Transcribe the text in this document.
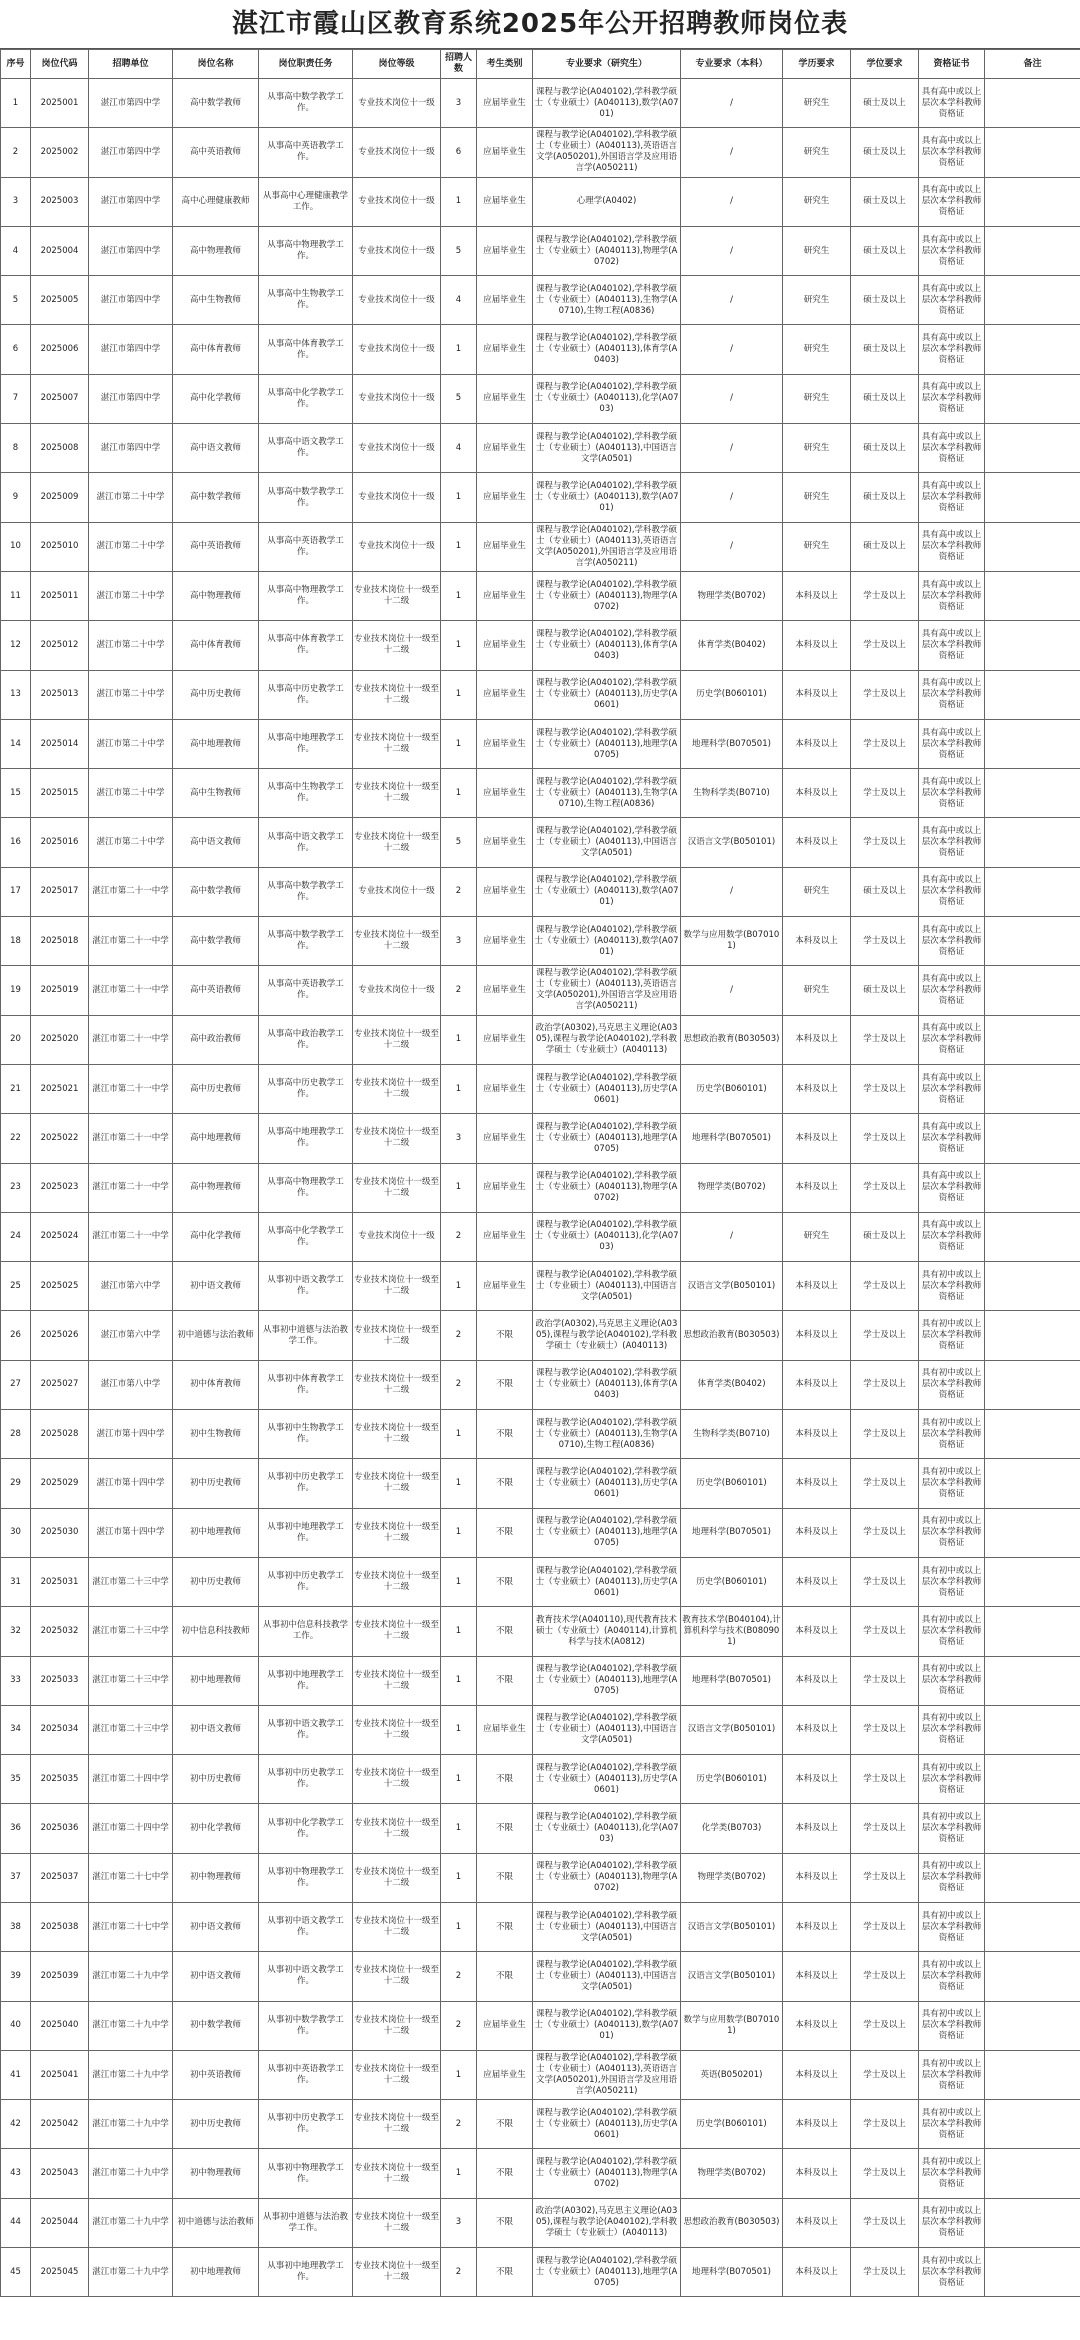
湛江市霞山区教育系统2025年公开招聘教师岗位表
序号	岗位代码	招聘单位	岗位名称	岗位职责任务	岗位等级	招聘人数	考生类别	专业要求（研究生）	专业要求（本科）	学历要求	学位要求	资格证书	备注
1	2025001	湛江市第四中学	高中数学教师	从事高中数学教学工作。	专业技术岗位十一级	3	应届毕业生	课程与教学论(A040102),学科教学硕士（专业硕士）(A040113),数学(A0701)	/	研究生	硕士及以上	具有高中或以上层次本学科教师资格证	
2	2025002	湛江市第四中学	高中英语教师	从事高中英语教学工作。	专业技术岗位十一级	6	应届毕业生	课程与教学论(A040102),学科教学硕士（专业硕士）(A040113),英语语言文学(A050201),外国语言学及应用语言学(A050211)	/	研究生	硕士及以上	具有高中或以上层次本学科教师资格证	
3	2025003	湛江市第四中学	高中心理健康教师	从事高中心理健康教学工作。	专业技术岗位十一级	1	应届毕业生	心理学(A0402)	/	研究生	硕士及以上	具有高中或以上层次本学科教师资格证	
4	2025004	湛江市第四中学	高中物理教师	从事高中物理教学工作。	专业技术岗位十一级	5	应届毕业生	课程与教学论(A040102),学科教学硕士（专业硕士）(A040113),物理学(A0702)	/	研究生	硕士及以上	具有高中或以上层次本学科教师资格证	
5	2025005	湛江市第四中学	高中生物教师	从事高中生物教学工作。	专业技术岗位十一级	4	应届毕业生	课程与教学论(A040102),学科教学硕士（专业硕士）(A040113),生物学(A0710),生物工程(A0836)	/	研究生	硕士及以上	具有高中或以上层次本学科教师资格证	
6	2025006	湛江市第四中学	高中体育教师	从事高中体育教学工作。	专业技术岗位十一级	1	应届毕业生	课程与教学论(A040102),学科教学硕士（专业硕士）(A040113),体育学(A0403)	/	研究生	硕士及以上	具有高中或以上层次本学科教师资格证	
7	2025007	湛江市第四中学	高中化学教师	从事高中化学教学工作。	专业技术岗位十一级	5	应届毕业生	课程与教学论(A040102),学科教学硕士（专业硕士）(A040113),化学(A0703)	/	研究生	硕士及以上	具有高中或以上层次本学科教师资格证	
8	2025008	湛江市第四中学	高中语文教师	从事高中语文教学工作。	专业技术岗位十一级	4	应届毕业生	课程与教学论(A040102),学科教学硕士（专业硕士）(A040113),中国语言文学(A0501)	/	研究生	硕士及以上	具有高中或以上层次本学科教师资格证	
9	2025009	湛江市第二十中学	高中数学教师	从事高中数学教学工作。	专业技术岗位十一级	1	应届毕业生	课程与教学论(A040102),学科教学硕士（专业硕士）(A040113),数学(A0701)	/	研究生	硕士及以上	具有高中或以上层次本学科教师资格证	
10	2025010	湛江市第二十中学	高中英语教师	从事高中英语教学工作。	专业技术岗位十一级	1	应届毕业生	课程与教学论(A040102),学科教学硕士（专业硕士）(A040113),英语语言文学(A050201),外国语言学及应用语言学(A050211)	/	研究生	硕士及以上	具有高中或以上层次本学科教师资格证	
11	2025011	湛江市第二十中学	高中物理教师	从事高中物理教学工作。	专业技术岗位十一级至十二级	1	应届毕业生	课程与教学论(A040102),学科教学硕士（专业硕士）(A040113),物理学(A0702)	物理学类(B0702)	本科及以上	学士及以上	具有高中或以上层次本学科教师资格证	
12	2025012	湛江市第二十中学	高中体育教师	从事高中体育教学工作。	专业技术岗位十一级至十二级	1	应届毕业生	课程与教学论(A040102),学科教学硕士（专业硕士）(A040113),体育学(A0403)	体育学类(B0402)	本科及以上	学士及以上	具有高中或以上层次本学科教师资格证	
13	2025013	湛江市第二十中学	高中历史教师	从事高中历史教学工作。	专业技术岗位十一级至十二级	1	应届毕业生	课程与教学论(A040102),学科教学硕士（专业硕士）(A040113),历史学(A0601)	历史学(B060101)	本科及以上	学士及以上	具有高中或以上层次本学科教师资格证	
14	2025014	湛江市第二十中学	高中地理教师	从事高中地理教学工作。	专业技术岗位十一级至十二级	1	应届毕业生	课程与教学论(A040102),学科教学硕士（专业硕士）(A040113),地理学(A0705)	地理科学(B070501)	本科及以上	学士及以上	具有高中或以上层次本学科教师资格证	
15	2025015	湛江市第二十中学	高中生物教师	从事高中生物教学工作。	专业技术岗位十一级至十二级	1	应届毕业生	课程与教学论(A040102),学科教学硕士（专业硕士）(A040113),生物学(A0710),生物工程(A0836)	生物科学类(B0710)	本科及以上	学士及以上	具有高中或以上层次本学科教师资格证	
16	2025016	湛江市第二十中学	高中语文教师	从事高中语文教学工作。	专业技术岗位十一级至十二级	5	应届毕业生	课程与教学论(A040102),学科教学硕士（专业硕士）(A040113),中国语言文学(A0501)	汉语言文学(B050101)	本科及以上	学士及以上	具有高中或以上层次本学科教师资格证	
17	2025017	湛江市第二十一中学	高中数学教师	从事高中数学教学工作。	专业技术岗位十一级	2	应届毕业生	课程与教学论(A040102),学科教学硕士（专业硕士）(A040113),数学(A0701)	/	研究生	硕士及以上	具有高中或以上层次本学科教师资格证	
18	2025018	湛江市第二十一中学	高中数学教师	从事高中数学教学工作。	专业技术岗位十一级至十二级	3	应届毕业生	课程与教学论(A040102),学科教学硕士（专业硕士）(A040113),数学(A0701)	数学与应用数学(B070101)	本科及以上	学士及以上	具有高中或以上层次本学科教师资格证	
19	2025019	湛江市第二十一中学	高中英语教师	从事高中英语教学工作。	专业技术岗位十一级	2	应届毕业生	课程与教学论(A040102),学科教学硕士（专业硕士）(A040113),英语语言文学(A050201),外国语言学及应用语言学(A050211)	/	研究生	硕士及以上	具有高中或以上层次本学科教师资格证	
20	2025020	湛江市第二十一中学	高中政治教师	从事高中政治教学工作。	专业技术岗位十一级至十二级	1	应届毕业生	政治学(A0302),马克思主义理论(A0305),课程与教学论(A040102),学科教学硕士（专业硕士）(A040113)	思想政治教育(B030503)	本科及以上	学士及以上	具有高中或以上层次本学科教师资格证	
21	2025021	湛江市第二十一中学	高中历史教师	从事高中历史教学工作。	专业技术岗位十一级至十二级	1	应届毕业生	课程与教学论(A040102),学科教学硕士（专业硕士）(A040113),历史学(A0601)	历史学(B060101)	本科及以上	学士及以上	具有高中或以上层次本学科教师资格证	
22	2025022	湛江市第二十一中学	高中地理教师	从事高中地理教学工作。	专业技术岗位十一级至十二级	3	应届毕业生	课程与教学论(A040102),学科教学硕士（专业硕士）(A040113),地理学(A0705)	地理科学(B070501)	本科及以上	学士及以上	具有高中或以上层次本学科教师资格证	
23	2025023	湛江市第二十一中学	高中物理教师	从事高中物理教学工作。	专业技术岗位十一级至十二级	1	应届毕业生	课程与教学论(A040102),学科教学硕士（专业硕士）(A040113),物理学(A0702)	物理学类(B0702)	本科及以上	学士及以上	具有高中或以上层次本学科教师资格证	
24	2025024	湛江市第二十一中学	高中化学教师	从事高中化学教学工作。	专业技术岗位十一级	2	应届毕业生	课程与教学论(A040102),学科教学硕士（专业硕士）(A040113),化学(A0703)	/	研究生	硕士及以上	具有高中或以上层次本学科教师资格证	
25	2025025	湛江市第六中学	初中语文教师	从事初中语文教学工作。	专业技术岗位十一级至十二级	1	应届毕业生	课程与教学论(A040102),学科教学硕士（专业硕士）(A040113),中国语言文学(A0501)	汉语言文学(B050101)	本科及以上	学士及以上	具有初中或以上层次本学科教师资格证	
26	2025026	湛江市第六中学	初中道德与法治教师	从事初中道德与法治教学工作。	专业技术岗位十一级至十二级	2	不限	政治学(A0302),马克思主义理论(A0305),课程与教学论(A040102),学科教学硕士（专业硕士）(A040113)	思想政治教育(B030503)	本科及以上	学士及以上	具有初中或以上层次本学科教师资格证	
27	2025027	湛江市第八中学	初中体育教师	从事初中体育教学工作。	专业技术岗位十一级至十二级	2	不限	课程与教学论(A040102),学科教学硕士（专业硕士）(A040113),体育学(A0403)	体育学类(B0402)	本科及以上	学士及以上	具有初中或以上层次本学科教师资格证	
28	2025028	湛江市第十四中学	初中生物教师	从事初中生物教学工作。	专业技术岗位十一级至十二级	1	不限	课程与教学论(A040102),学科教学硕士（专业硕士）(A040113),生物学(A0710),生物工程(A0836)	生物科学类(B0710)	本科及以上	学士及以上	具有初中或以上层次本学科教师资格证	
29	2025029	湛江市第十四中学	初中历史教师	从事初中历史教学工作。	专业技术岗位十一级至十二级	1	不限	课程与教学论(A040102),学科教学硕士（专业硕士）(A040113),历史学(A0601)	历史学(B060101)	本科及以上	学士及以上	具有初中或以上层次本学科教师资格证	
30	2025030	湛江市第十四中学	初中地理教师	从事初中地理教学工作。	专业技术岗位十一级至十二级	1	不限	课程与教学论(A040102),学科教学硕士（专业硕士）(A040113),地理学(A0705)	地理科学(B070501)	本科及以上	学士及以上	具有初中或以上层次本学科教师资格证	
31	2025031	湛江市第二十三中学	初中历史教师	从事初中历史教学工作。	专业技术岗位十一级至十二级	1	不限	课程与教学论(A040102),学科教学硕士（专业硕士）(A040113),历史学(A0601)	历史学(B060101)	本科及以上	学士及以上	具有初中或以上层次本学科教师资格证	
32	2025032	湛江市第二十三中学	初中信息科技教师	从事初中信息科技教学工作。	专业技术岗位十一级至十二级	1	不限	教育技术学(A040110),现代教育技术硕士（专业硕士）(A040114),计算机科学与技术(A0812)	教育技术学(B040104),计算机科学与技术(B080901)	本科及以上	学士及以上	具有初中或以上层次本学科教师资格证	
33	2025033	湛江市第二十三中学	初中地理教师	从事初中地理教学工作。	专业技术岗位十一级至十二级	1	不限	课程与教学论(A040102),学科教学硕士（专业硕士）(A040113),地理学(A0705)	地理科学(B070501)	本科及以上	学士及以上	具有初中或以上层次本学科教师资格证	
34	2025034	湛江市第二十三中学	初中语文教师	从事初中语文教学工作。	专业技术岗位十一级至十二级	1	应届毕业生	课程与教学论(A040102),学科教学硕士（专业硕士）(A040113),中国语言文学(A0501)	汉语言文学(B050101)	本科及以上	学士及以上	具有初中或以上层次本学科教师资格证	
35	2025035	湛江市第二十四中学	初中历史教师	从事初中历史教学工作。	专业技术岗位十一级至十二级	1	不限	课程与教学论(A040102),学科教学硕士（专业硕士）(A040113),历史学(A0601)	历史学(B060101)	本科及以上	学士及以上	具有初中或以上层次本学科教师资格证	
36	2025036	湛江市第二十四中学	初中化学教师	从事初中化学教学工作。	专业技术岗位十一级至十二级	1	不限	课程与教学论(A040102),学科教学硕士（专业硕士）(A040113),化学(A0703)	化学类(B0703)	本科及以上	学士及以上	具有初中或以上层次本学科教师资格证	
37	2025037	湛江市第二十七中学	初中物理教师	从事初中物理教学工作。	专业技术岗位十一级至十二级	1	不限	课程与教学论(A040102),学科教学硕士（专业硕士）(A040113),物理学(A0702)	物理学类(B0702)	本科及以上	学士及以上	具有初中或以上层次本学科教师资格证	
38	2025038	湛江市第二十七中学	初中语文教师	从事初中语文教学工作。	专业技术岗位十一级至十二级	1	不限	课程与教学论(A040102),学科教学硕士（专业硕士）(A040113),中国语言文学(A0501)	汉语言文学(B050101)	本科及以上	学士及以上	具有初中或以上层次本学科教师资格证	
39	2025039	湛江市第二十九中学	初中语文教师	从事初中语文教学工作。	专业技术岗位十一级至十二级	2	不限	课程与教学论(A040102),学科教学硕士（专业硕士）(A040113),中国语言文学(A0501)	汉语言文学(B050101)	本科及以上	学士及以上	具有初中或以上层次本学科教师资格证	
40	2025040	湛江市第二十九中学	初中数学教师	从事初中数学教学工作。	专业技术岗位十一级至十二级	2	应届毕业生	课程与教学论(A040102),学科教学硕士（专业硕士）(A040113),数学(A0701)	数学与应用数学(B070101)	本科及以上	学士及以上	具有初中或以上层次本学科教师资格证	
41	2025041	湛江市第二十九中学	初中英语教师	从事初中英语教学工作。	专业技术岗位十一级至十二级	1	应届毕业生	课程与教学论(A040102),学科教学硕士（专业硕士）(A040113),英语语言文学(A050201),外国语言学及应用语言学(A050211)	英语(B050201)	本科及以上	学士及以上	具有初中或以上层次本学科教师资格证	
42	2025042	湛江市第二十九中学	初中历史教师	从事初中历史教学工作。	专业技术岗位十一级至十二级	2	不限	课程与教学论(A040102),学科教学硕士（专业硕士）(A040113),历史学(A0601)	历史学(B060101)	本科及以上	学士及以上	具有初中或以上层次本学科教师资格证	
43	2025043	湛江市第二十九中学	初中物理教师	从事初中物理教学工作。	专业技术岗位十一级至十二级	1	不限	课程与教学论(A040102),学科教学硕士（专业硕士）(A040113),物理学(A0702)	物理学类(B0702)	本科及以上	学士及以上	具有初中或以上层次本学科教师资格证	
44	2025044	湛江市第二十九中学	初中道德与法治教师	从事初中道德与法治教学工作。	专业技术岗位十一级至十二级	3	不限	政治学(A0302),马克思主义理论(A0305),课程与教学论(A040102),学科教学硕士（专业硕士）(A040113)	思想政治教育(B030503)	本科及以上	学士及以上	具有初中或以上层次本学科教师资格证	
45	2025045	湛江市第二十九中学	初中地理教师	从事初中地理教学工作。	专业技术岗位十一级至十二级	2	不限	课程与教学论(A040102),学科教学硕士（专业硕士）(A040113),地理学(A0705)	地理科学(B070501)	本科及以上	学士及以上	具有初中或以上层次本学科教师资格证	
